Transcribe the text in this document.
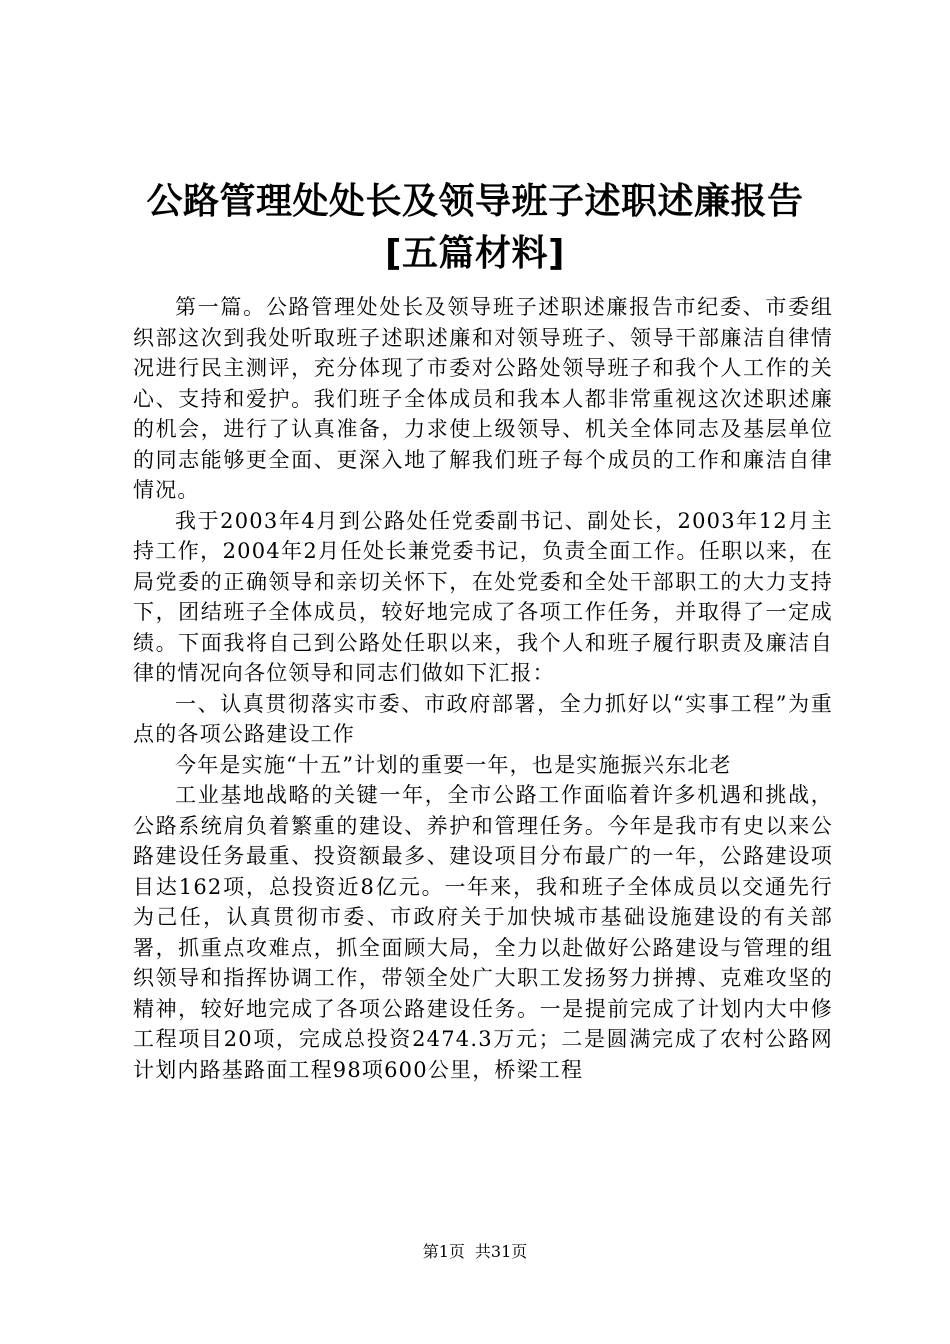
公路管理处处长及领导班子述职述廉报告[五篇材料]

第一篇。公路管理处处长及领导班子述职述廉报告市纪委、市委组织部这次到我处听取班子述职述廉和对领导班子、领导干部廉洁自律情况进行民主测评，充分体现了市委对公路处领导班子和我个人工作的关心、支持和爱护。我们班子全体成员和我本人都非常重视这次述职述廉的机会，进行了认真准备，力求使上级领导、机关全体同志及基层单位的同志能够更全面、更深入地了解我们班子每个成员的工作和廉洁自律情况。

我于2003年4月到公路处任党委副书记、副处长，2003年12月主持工作，2004年2月任处长兼党委书记，负责全面工作。任职以来，在局党委的正确领导和亲切关怀下，在处党委和全处干部职工的大力支持下，团结班子全体成员，较好地完成了各项工作任务，并取得了一定成绩。下面我将自己到公路处任职以来，我个人和班子履行职责及廉洁自律的情况向各位领导和同志们做如下汇报：

一、认真贯彻落实市委、市政府部署，全力抓好以“实事工程”为重点的各项公路建设工作

今年是实施“十五”计划的重要一年，也是实施振兴东北老

工业基地战略的关键一年，全市公路工作面临着许多机遇和挑战，公路系统肩负着繁重的建设、养护和管理任务。今年是我市有史以来公路建设任务最重、投资额最多、建设项目分布最广的一年，公路建设项目达162项，总投资近8亿元。一年来，我和班子全体成员以交通先行为己任，认真贯彻市委、市政府关于加快城市基础设施建设的有关部署，抓重点攻难点，抓全面顾大局，全力以赴做好公路建设与管理的组织领导和指挥协调工作，带领全处广大职工发扬努力拼搏、克难攻坚的精神，较好地完成了各项公路建设任务。一是提前完成了计划内大中修工程项目20项，完成总投资2474.3万元；二是圆满完成了农村公路网计划内路基路面工程98项600公里，桥梁工程

第1页 共31页
